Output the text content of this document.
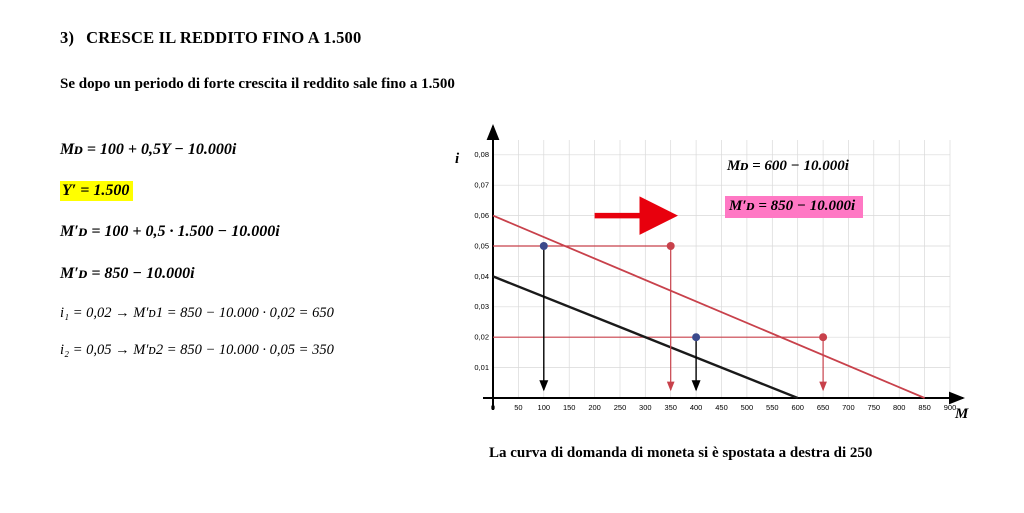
3) CRESCE IL REDDITO FINO A 1.500
Se dopo un periodo di forte crescita il reddito sale fino a 1.500
Mᴅ = 100 + 0,5Y − 10.000i
Y′ = 1.500
M′ᴅ = 100 + 0,5 · 1.500 − 10.000i
M′ᴅ = 850 − 10.000i
i₁ = 0,02 → M′ᴅ1 = 850 − 10.000 · 0,02 = 650
i₂ = 0,05 → M′ᴅ2 = 850 − 10.000 · 0,05 = 350
i
M
Mᴅ = 600 − 10.000i
M′ᴅ = 850 − 10.000i
0	50 100 150 200 250 300 350 400 450 500 550 600 650 700 750 800 850 900
0,01
0,02
0,03
0,04
0,05
0,06
0,07
0,08
La curva di domanda di moneta si è spostata a destra di 250
